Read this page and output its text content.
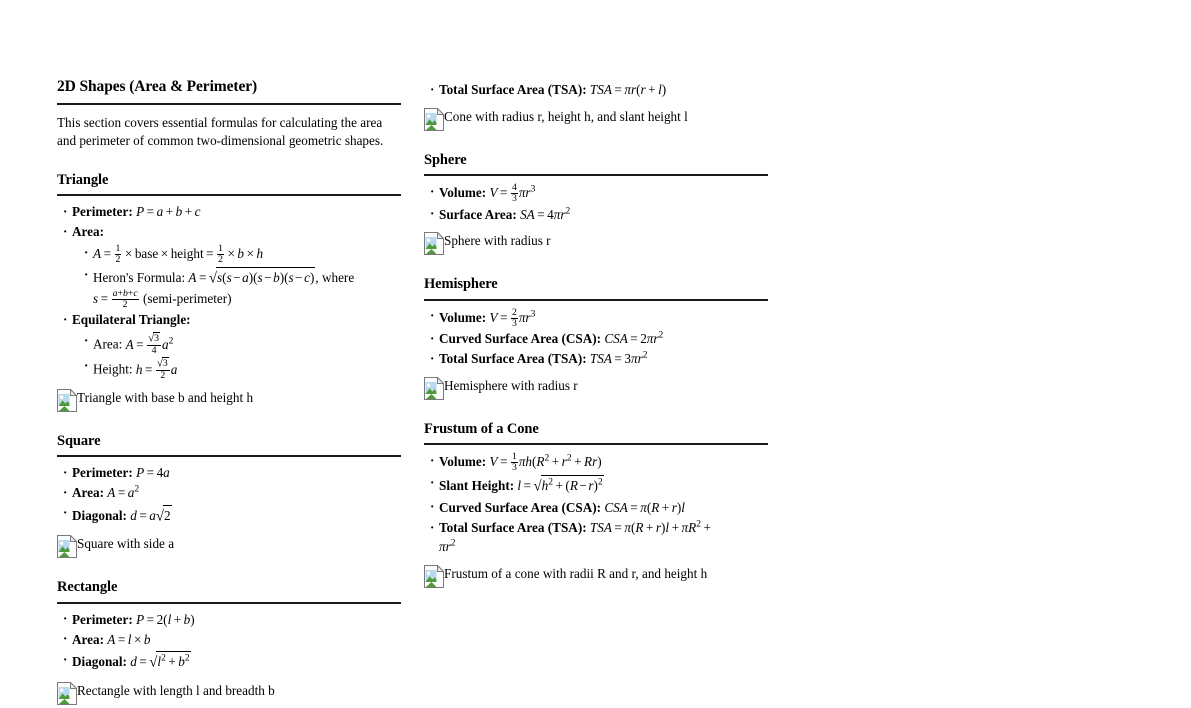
2D Shapes (Area & Perimeter)

This section covers essential formulas for calculating the area and perimeter of common two-dimensional geometric shapes.

Triangle
· Perimeter: P = a + b + c
· Area:
· $A = \frac{1}{2}$ × base × height = $\frac{1}{2} \times b \times h$
· Heron's Formula: A = √s(s − a)(s − b)(s − c), where $s = \frac{a+b+c}{2}$ (semi-perimeter)
· Equilateral Triangle:
· Area: $A = \frac{√3}{4} a^2$
· Height: $h = \frac{√3}{2}$ a
Triangle with base b and height h
Square
· Perimeter: P = 4a
· Area: $A = a^2$
· Diagonal: d = a√2
Square with side a
Rectangle
· Perimeter: P = 2(l + b)
· Area: A = l × b
· Diagonal: $d = √l^2 + b^2$
Rectangle with length l and breadth b
· Total Surface Area (TSA): TSA = πr(r + l)
Cone with radius r, height h, and slant height l
Sphere
· Volume: $V = \frac{4}{3} \pi r^3$
· Surface Area: SA = $4\pi r^2$
Sphere with radius r
Hemisphere
· Volume: $V = \frac{2}{3} \pi r^3$
· Curved Surface Area (CSA): CSA = $2\pi r^2$
· Total Surface Area (TSA): TSA = $3\pi r^2$
Hemisphere with radius r
Frustum of a Cone
· Volume: $V = \frac{1}{3} \pi h(R^2 + r^2 + Rr)$
· Slant Height: $l = √h^2 + (R - r)^2$
· Curved Surface Area (CSA): CSA = π(R + r)l
· Total Surface Area (TSA): TSA = $\pi(R + r)l + \pi R^2$ +
$\pi r^2$
Frustum of a cone with radii R and r, and height h
